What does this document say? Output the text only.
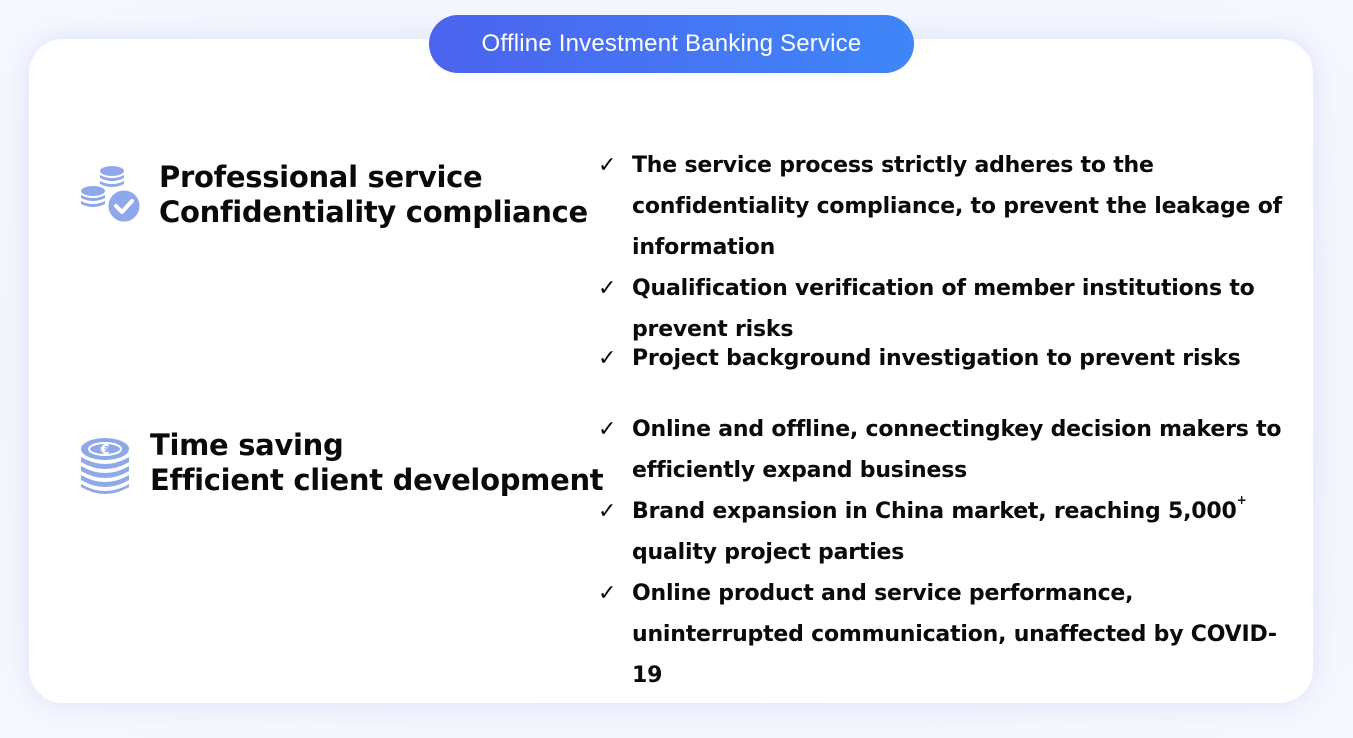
Offline Investment Banking Service
Professional service
Confidentiality compliance
✓ The service process strictly adheres to the confidentiality compliance, to prevent the leakage of information
✓ Qualification verification of member institutions to prevent risks
✓ Project background investigation to prevent risks
€ Time saving
Efficient client development
✓ Online and offline, connectingkey decision makers to efficiently expand business
✓ Brand expansion in China market, reaching 5,000+
quality project parties
✓ Online product and service performance, uninterrupted communication, unaffected by COVID-19
